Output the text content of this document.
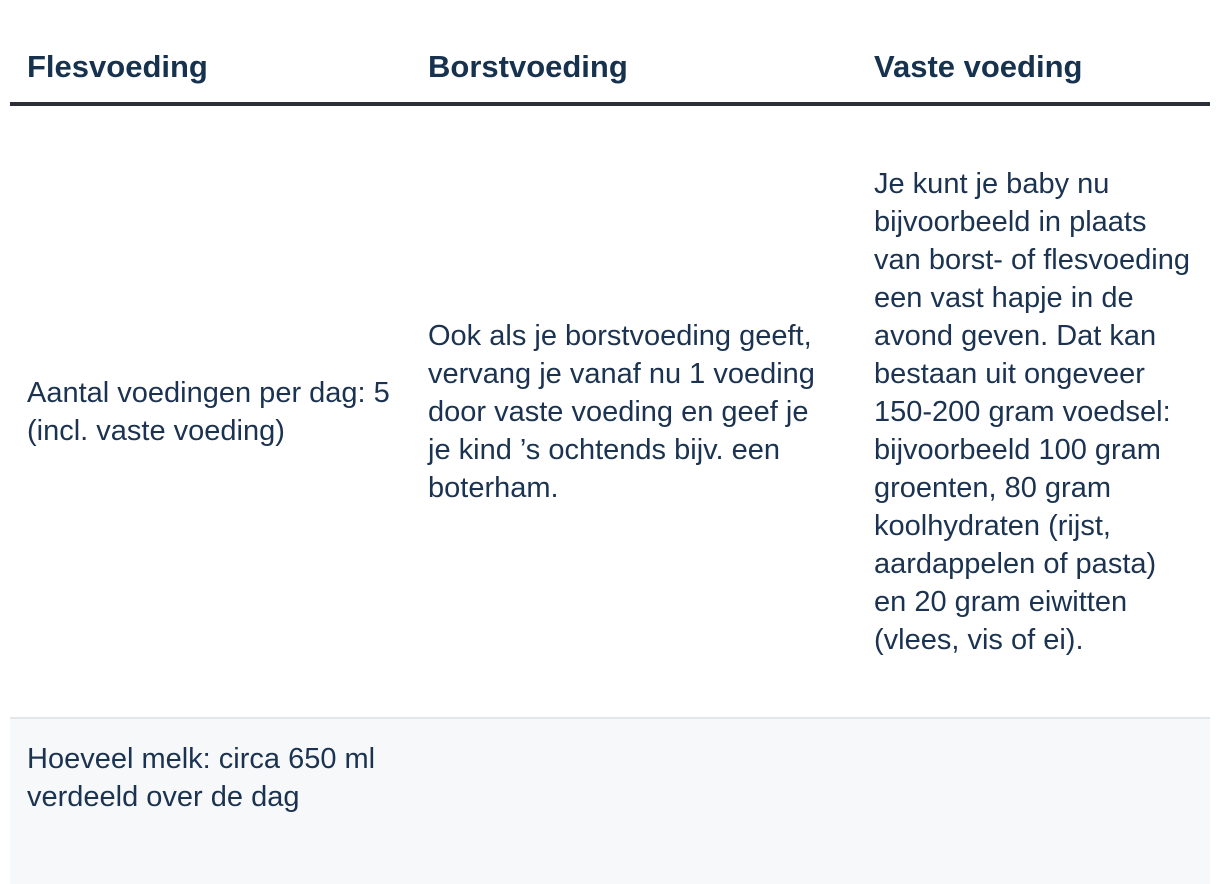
Flesvoeding	Borstvoeding	Vaste voeding

Aantal voedingen per dag: 5 (incl. vaste voeding)	Ook als je borstvoeding geeft, vervang je vanaf nu 1 voeding door vaste voeding en geef je je kind ’s ochtends bijv. een boterham.	Je kunt je baby nu bijvoorbeeld in plaats van borst- of flesvoeding een vast hapje in de avond geven. Dat kan bestaan uit ongeveer 150-200 gram voedsel: bijvoorbeeld 100 gram groenten, 80 gram koolhydraten (rijst, aardappelen of pasta) en 20 gram eiwitten (vlees, vis of ei).

Hoeveel melk: circa 650 ml verdeeld over de dag		
